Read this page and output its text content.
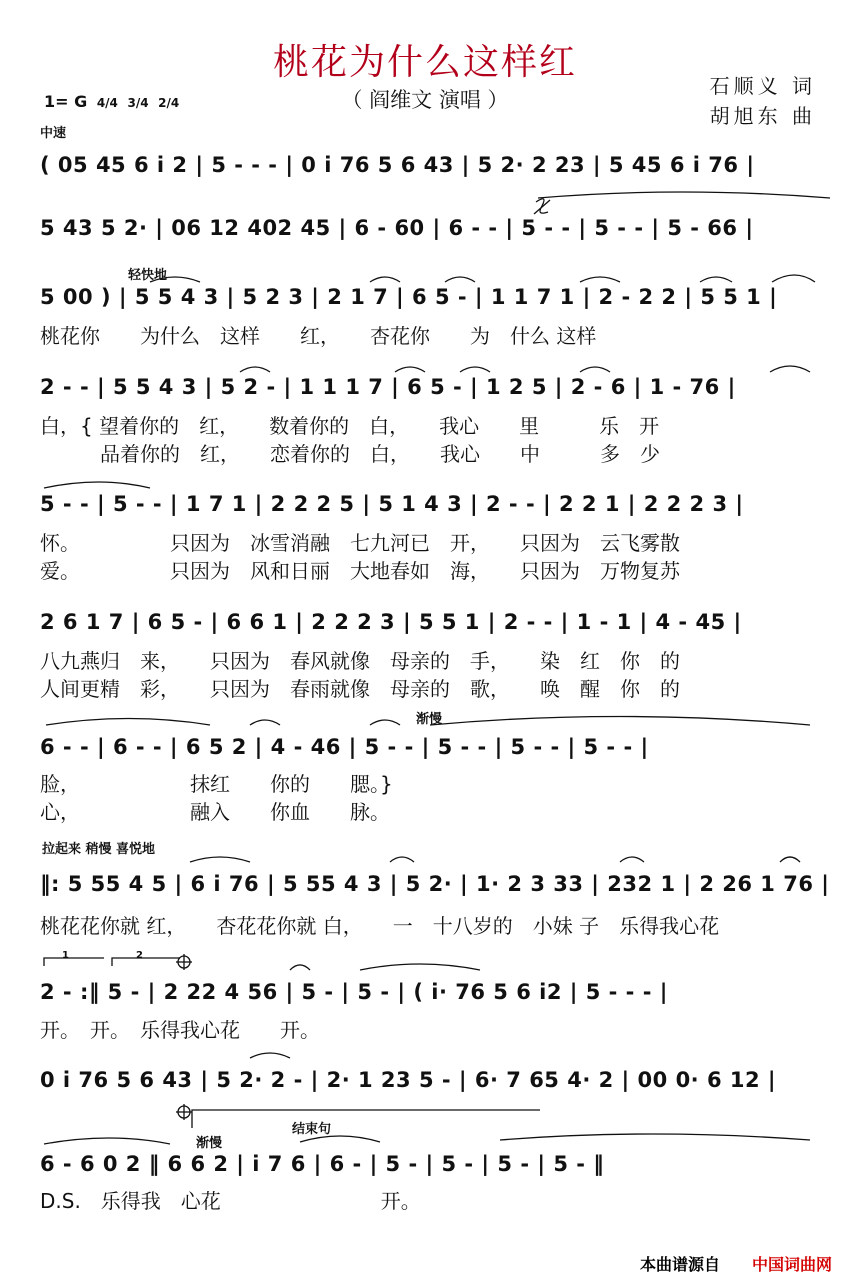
桃花为什么这样红
（ 阎维文 演唱 ）
石顺义 词
胡旭东 曲
1= G 4/4 3/4 2/4
中速
( 05 45 6 i 2 | 5 - - - | 0 i 76 5 6 43 | 5 2· 2 23 | 5 45 6 i 76 |
5 43 5 2· | 06 12 402 45 | 6 - 60 | 6 - - | 5 - - | 5 - - | 5 - 66 |
轻快地
5 00 ) | 5 5 4 3 | 5 2 3 | 2 1 7 | 6 5 - | 1 1 7 1 | 2 - 2 2 | 5 5 1 |
桃花你　　为什么　这样　　红，　　杏花你　　为　什么 这样
2 - - | 5 5 4 3 | 5 2 - | 1 1 1 7 | 6 5 - | 1 2 5 | 2 - 6 | 1 - 76 |
白，{ 望着你的　红，　　数着你的　白，　　我心　　里　　　乐　开
　　　品着你的　红，　　恋着你的　白，　　我心　　中　　　多　少
5 - - | 5 - - | 1 7 1 | 2 2 2 5 | 5 1 4 3 | 2 - - | 2 2 1 | 2 2 2 3 |
怀。　　　　　只因为　冰雪消融　七九河已　开，　　只因为　云飞雾散
爱。　　　　　只因为　风和日丽　大地春如　海，　　只因为　万物复苏
2 6 1 7 | 6 5 - | 6 6 1 | 2 2 2 3 | 5 5 1 | 2 - - | 1 - 1 | 4 - 45 |
八九燕归　来，　　只因为　春风就像　母亲的　手，　　染　红　你　的
人间更精　彩，　　只因为　春雨就像　母亲的　歌，　　唤　醒　你　的
渐慢
6 - - | 6 - - | 6 5 2 | 4 - 46 | 5 - - | 5 - - | 5 - - | 5 - - |
脸，　　　　　　抹红　　你的　　腮。}
心，　　　　　　融入　　你血　　脉。
拉起来 稍慢 喜悦地
‖: 5 55 4 5 | 6 i 76 | 5 55 4 3 | 5 2· | 1· 2 3 33 | 232 1 | 2 26 1 76 |
桃花花你就 红，　　杏花花你就 白，　　一　十八岁的　小妹 子　乐得我心花
1	2
2 - :‖ 5 - | 2 22 4 56 | 5 - | 5 - | ( i· 76 5 6 i2 | 5 - - - |
开。　开。　乐得我心花　　开。
0 i 76 5 6 43 | 5 2· 2 - | 2· 1 23 5 - | 6· 7 65 4· 2 | 00 0· 6 12 |
渐慢
结束句
6 - 6 0 2 ‖ 6 6 2 | i 7 6 | 6 - | 5 - | 5 - | 5 - | 5 - ‖
D.S.　乐得我　心花　　　　　　　　开。
本曲谱源自 中国词曲网
